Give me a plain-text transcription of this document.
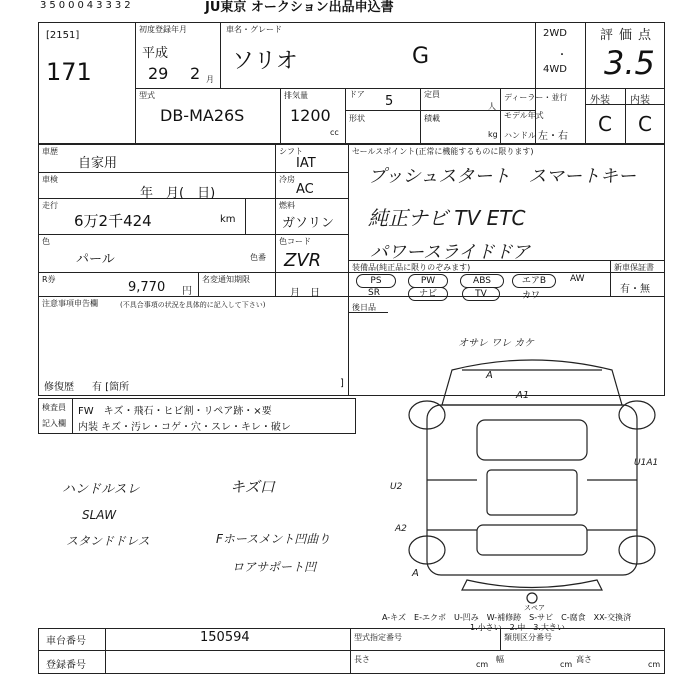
3500043332	JU東京 オークション出品申込書
[2151]
171
初度登録年月
平成
29 2 月
車名・グレード
ソリオ	G
2WD
・
4WD
評価点
3.5
外装 内装
C C
型式
DB-MA26S
排気量
1200
cc
ドア 5	定員
人
形状	積載
kg
ディーラー・並行
モデル年式
ハンドル 左・右
車歴
自家用
車検
年　月(　日)
走行
6万2千424	km
色
パール	色番
R券
9,770 円
名変通知期限
月　日
シフト
IAT
冷房
AC
燃料
ガソリン
色コード
ZVR
セールスポイント(正常に機能するものに限ります)
プッシュスタート　スマートキー
純正ナビ TV ETC
パワースライドドア
装備品(純正品に限りのぞみます)	新車保証書
有・無
PS	PW	ABS	エアB	AW
SR	ナビ	TV	カワ
注意事項申告欄	(不具合事項の状況を具体的に記入して下さい)	後日品
修復歴 有 [箇所	]
検査員
記入欄
FW　キズ・飛石・ヒビ割・リペア跡・×要
内装 キズ・汚レ・コゲ・穴・スレ・キレ・破レ
ハンドルスレ
SLAW
スタンドドレス
キズ口
Fホースメント凹曲り
ロアサポート凹
オサレ ワレ カケ
A
A1
U1A1
U2
A2
A
スペア
A-キズ　E-エクボ　U-凹み　W-補修跡　S-サビ　C-腐食　XX-交換済
1.小さい　2.中　3.大きい
車台番号	150594
登録番号
型式指定番号	類別区分番号
長さ
cm
幅
cm
高さ
cm
